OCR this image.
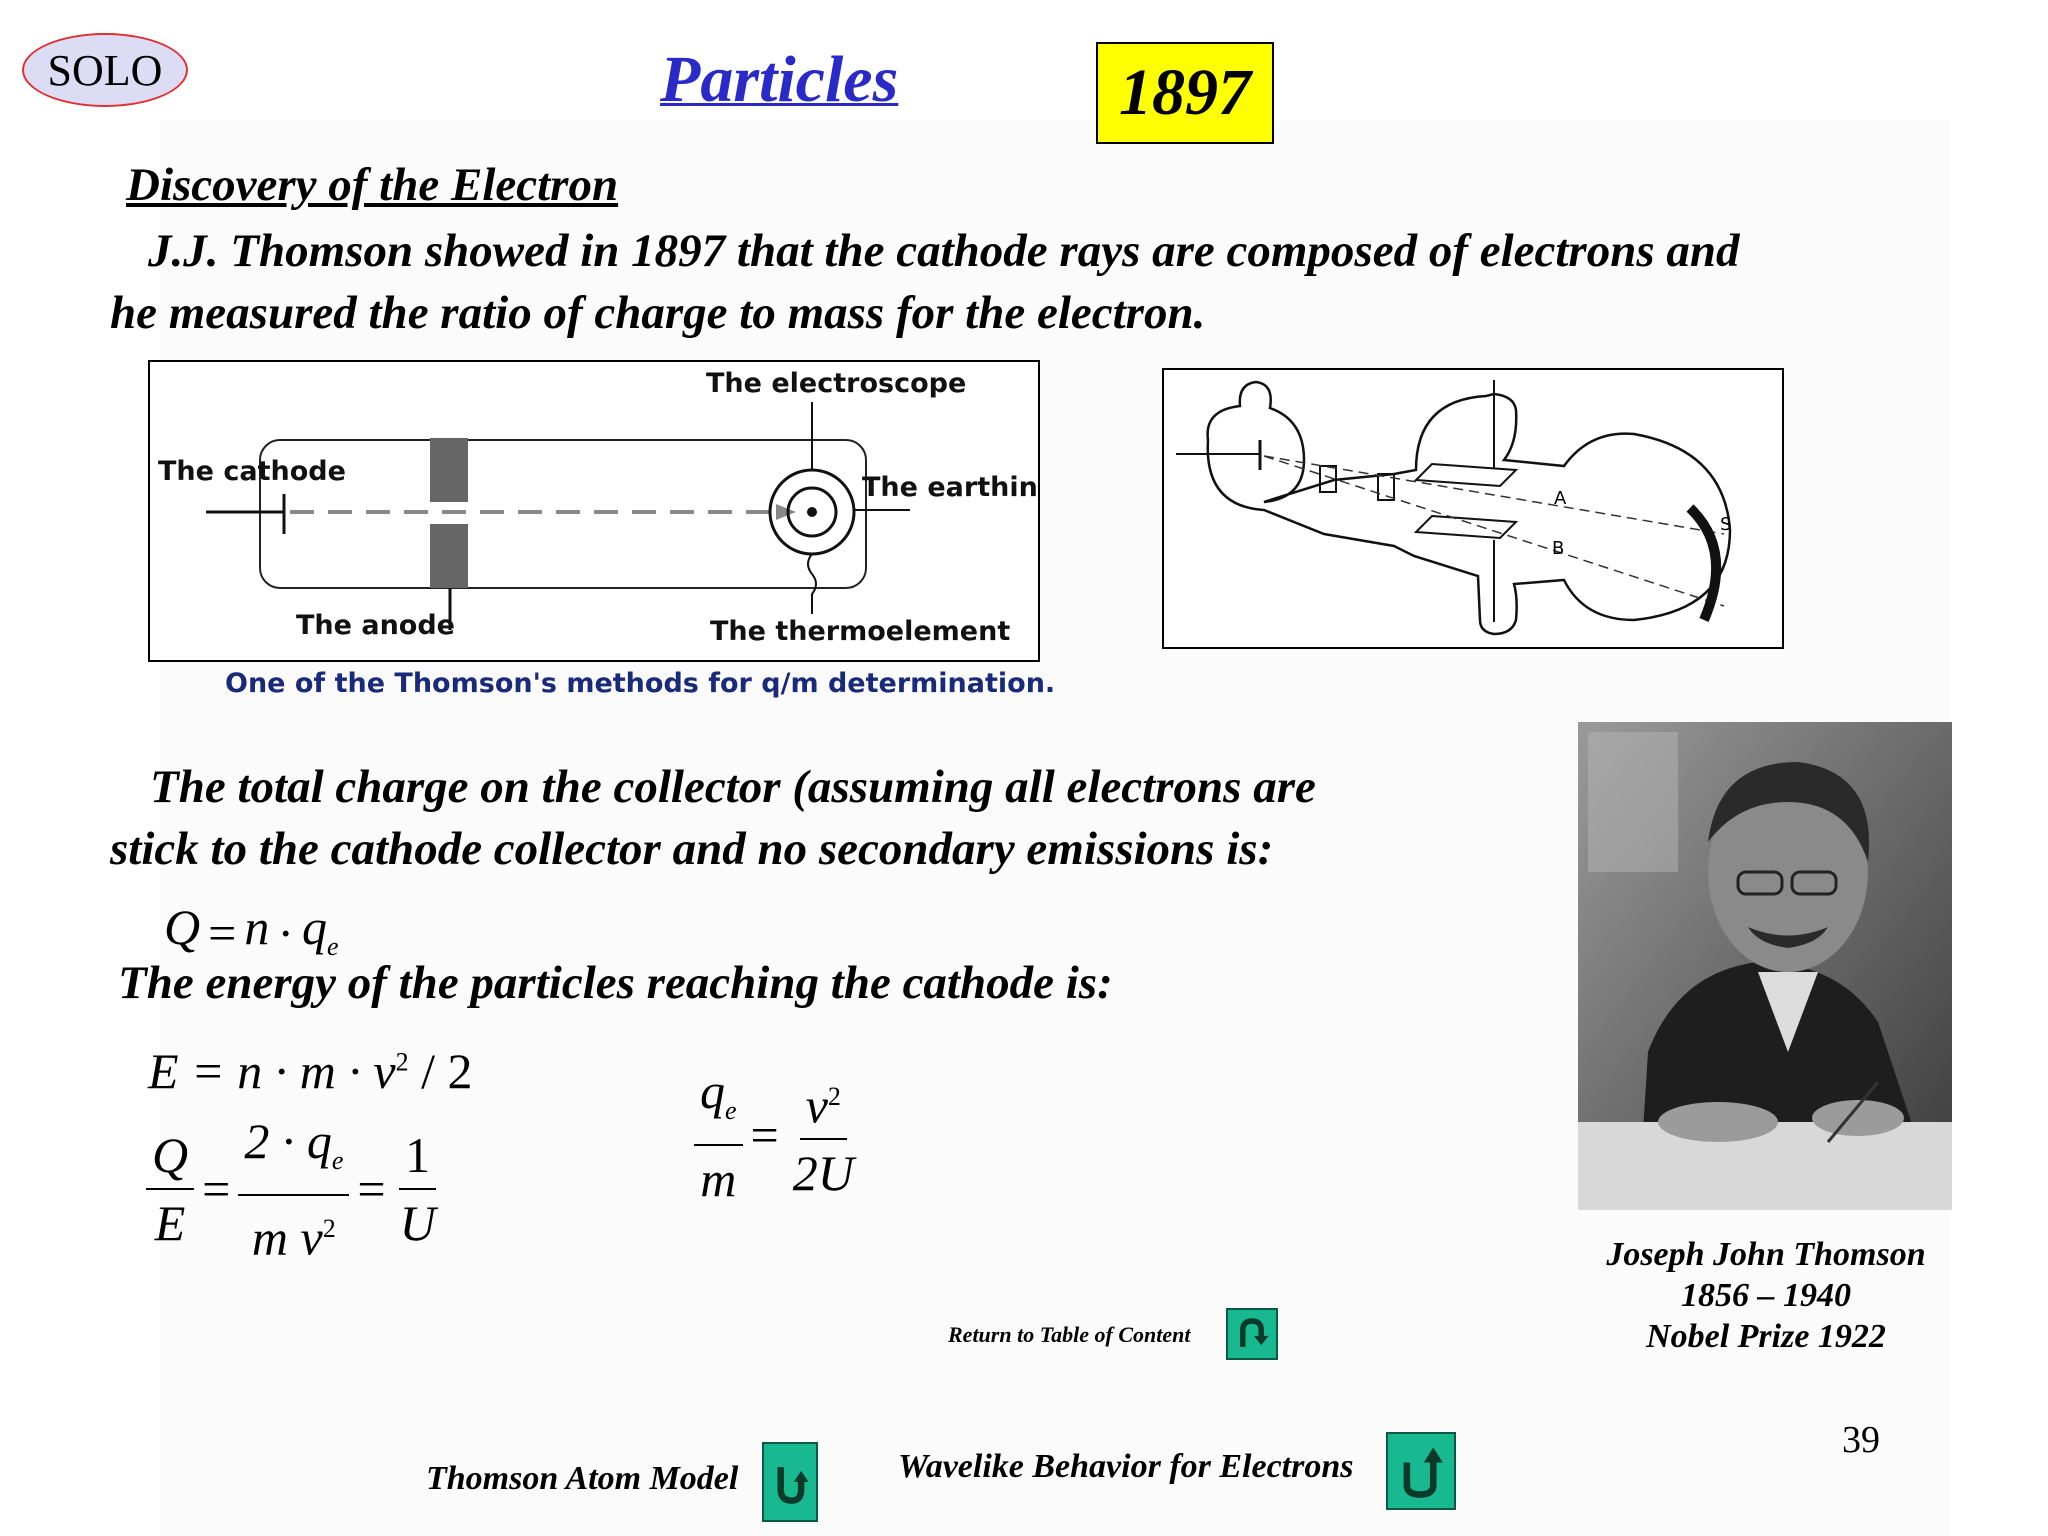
SOLO	Particles	1897
Discovery of the Electron
J.J. Thomson showed in 1897 that the cathode rays are composed of electrons and
he measured the ratio of charge to mass for the electron.
The cathode
The electroscope
The earthing
The anode	The thermoelement
One of the Thomson's methods for q/m determination.
A
B
S
The total charge on the collector (assuming all electrons are
stick to the cathode collector and no secondary emissions is:
$Q = n \cdot q_e$
The energy of the particles reaching the cathode is:
$E = n \cdot m \cdot v^2 / 2$
$\frac{Q}{E} = \frac{2 \cdot q_e}{m v^2} = \frac{1}{U}$	$\frac{q_e}{m} = \frac{v^2}{2U}$
Joseph John Thomson
1856 – 1940
Nobel Prize 1922
Return to Table of Content
Thomson Atom Model	Wavelike Behavior for Electrons
39
